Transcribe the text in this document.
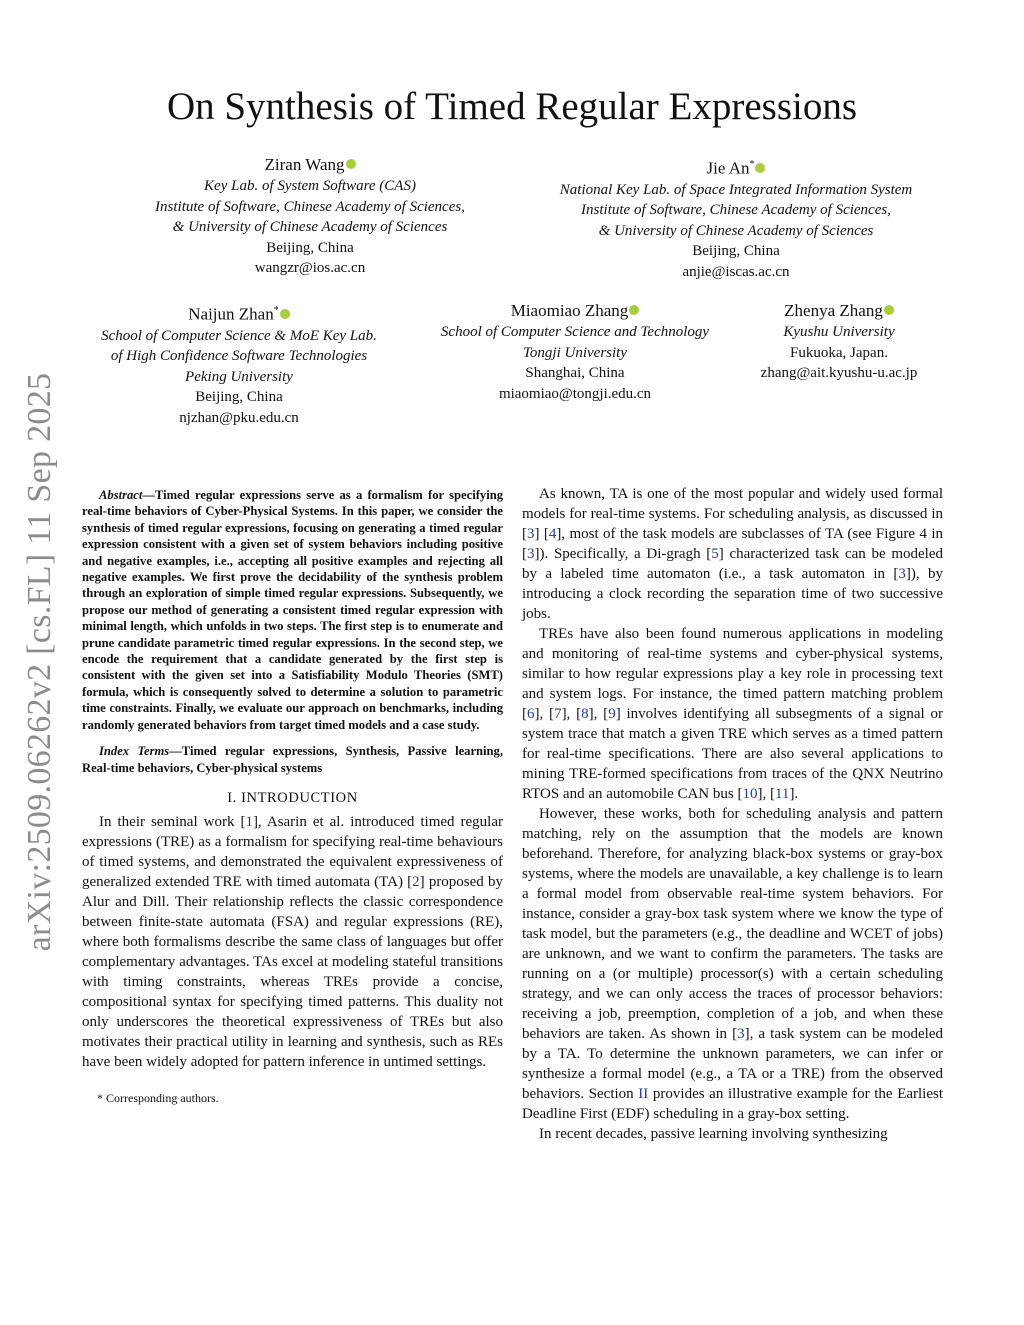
arXiv:2509.06262v2 [cs.FL] 11 Sep 2025
On Synthesis of Timed Regular Expressions
Ziran Wang
Key Lab. of System Software (CAS)
Institute of Software, Chinese Academy of Sciences,
& University of Chinese Academy of Sciences
Beijing, China
wangzr@ios.ac.cn
Jie An*
National Key Lab. of Space Integrated Information System
Institute of Software, Chinese Academy of Sciences,
& University of Chinese Academy of Sciences
Beijing, China
anjie@iscas.ac.cn
Naijun Zhan*
School of Computer Science & MoE Key Lab.
of High Confidence Software Technologies
Peking University
Beijing, China
njzhan@pku.edu.cn
Miaomiao Zhang
School of Computer Science and Technology
Tongji University
Shanghai, China
miaomiao@tongji.edu.cn
Zhenya Zhang
Kyushu University
Fukuoka, Japan.
zhang@ait.kyushu-u.ac.jp

Abstract—Timed regular expressions serve as a formalism for specifying real-time behaviors of Cyber-Physical Systems. In this paper, we consider the synthesis of timed regular expressions, focusing on generating a timed regular expression consistent with a given set of system behaviors including positive and negative examples, i.e., accepting all positive examples and rejecting all negative examples. We first prove the decidability of the synthesis problem through an exploration of simple timed regular expressions. Subsequently, we propose our method of generating a consistent timed regular expression with minimal length, which unfolds in two steps. The first step is to enumerate and prune candidate parametric timed regular expressions. In the second step, we encode the requirement that a candidate generated by the first step is consistent with the given set into a Satisfiability Modulo Theories (SMT) formula, which is consequently solved to determine a solution to parametric time constraints. Finally, we evaluate our approach on benchmarks, including randomly generated behaviors from target timed models and a case study.

Index Terms—Timed regular expressions, Synthesis, Passive learning, Real-time behaviors, Cyber-physical systems

I. INTRODUCTION

In their seminal work [1], Asarin et al. introduced timed regular expressions (TRE) as a formalism for specifying real-time behaviours of timed systems, and demonstrated the equivalent expressiveness of generalized extended TRE with timed automata (TA) [2] proposed by Alur and Dill. Their relationship reflects the classic correspondence between finite-state automata (FSA) and regular expressions (RE), where both formalisms describe the same class of languages but offer complementary advantages. TAs excel at modeling stateful transitions with timing constraints, whereas TREs provide a concise, compositional syntax for specifying timed patterns. This duality not only underscores the theoretical expressiveness of TREs but also motivates their practical utility in learning and synthesis, such as REs have been widely adopted for pattern inference in untimed settings.

* Corresponding authors.

As known, TA is one of the most popular and widely used formal models for real-time systems. For scheduling analysis, as discussed in [3] [4], most of the task models are subclasses of TA (see Figure 4 in [3]). Specifically, a Di-gragh [5] characterized task can be modeled by a labeled time automaton (i.e., a task automaton in [3]), by introducing a clock recording the separation time of two successive jobs.

TREs have also been found numerous applications in modeling and monitoring of real-time systems and cyber-physical systems, similar to how regular expressions play a key role in processing text and system logs. For instance, the timed pattern matching problem [6], [7], [8], [9] involves identifying all subsegments of a signal or system trace that match a given TRE which serves as a timed pattern for real-time specifications. There are also several applications to mining TRE-formed specifications from traces of the QNX Neutrino RTOS and an automobile CAN bus [10], [11].

However, these works, both for scheduling analysis and pattern matching, rely on the assumption that the models are known beforehand. Therefore, for analyzing black-box systems or gray-box systems, where the models are unavailable, a key challenge is to learn a formal model from observable real-time system behaviors. For instance, consider a gray-box task system where we know the type of task model, but the parameters (e.g., the deadline and WCET of jobs) are unknown, and we want to confirm the parameters. The tasks are running on a (or multiple) processor(s) with a certain scheduling strategy, and we can only access the traces of processor behaviors: receiving a job, preemption, completion of a job, and when these behaviors are taken. As shown in [3], a task system can be modeled by a TA. To determine the unknown parameters, we can infer or synthesize a formal model (e.g., a TA or a TRE) from the observed behaviors. Section II provides an illustrative example for the Earliest Deadline First (EDF) scheduling in a gray-box setting.

In recent decades, passive learning involving synthesizing
